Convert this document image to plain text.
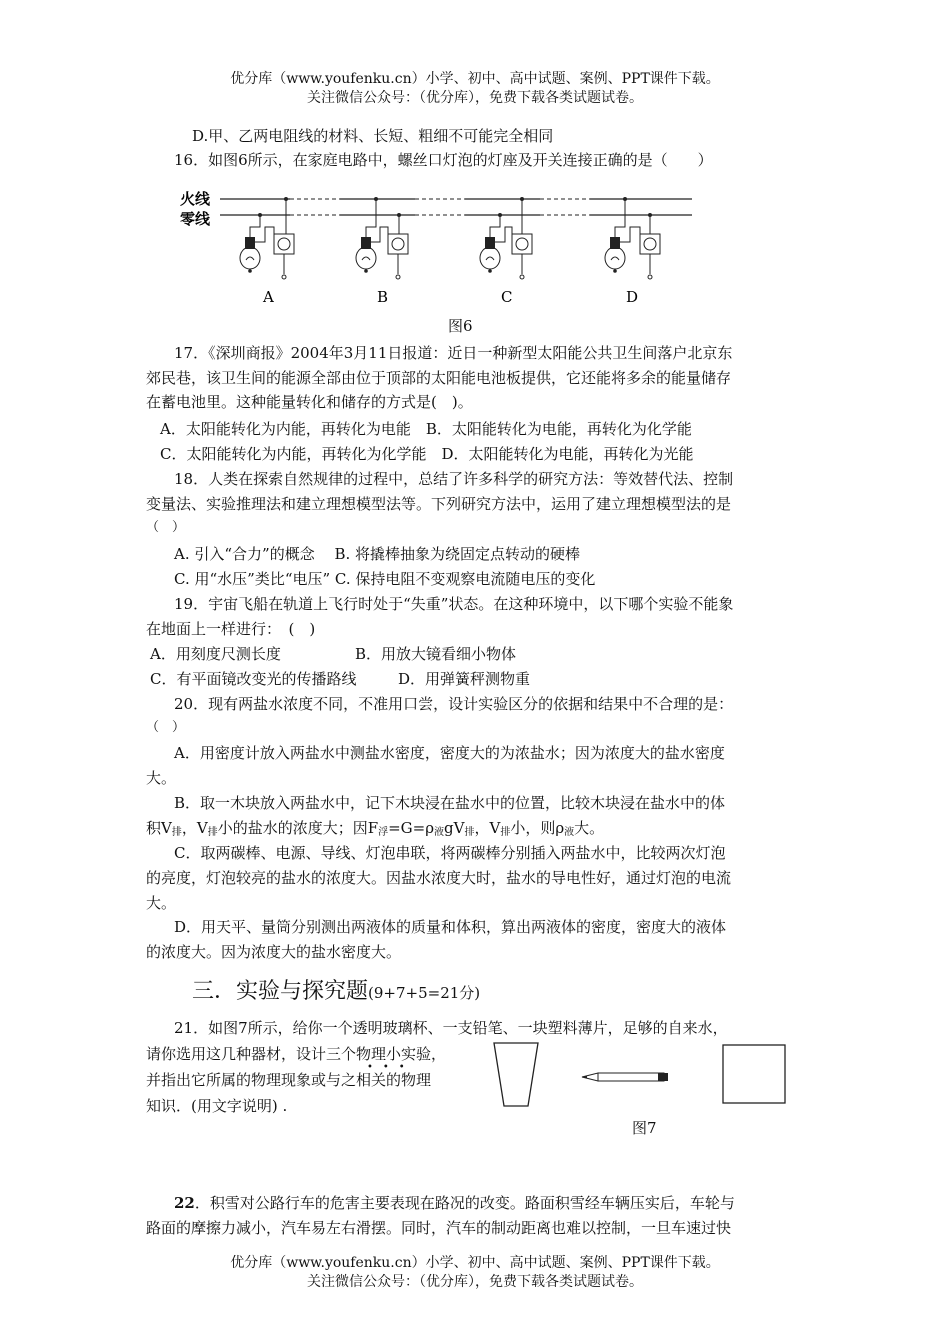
优分库（www.youfenku.cn）小学、初中、高中试题、案例、PPT课件下载。
关注微信公众号：（优分库），免费下载各类试题试卷。
D.甲、乙两电阻线的材料、长短、粗细不可能完全相同
16．如图6所示，在家庭电路中，螺丝口灯泡的灯座及开关连接正确的是（　　）
火线
零线
A	B	C	D
图6
17．《深圳商报》2004年3月11日报道：近日一种新型太阳能公共卫生间落户北京东
郊民巷，该卫生间的能源全部由位于顶部的太阳能电池板提供，它还能将多余的能量储存
在蓄电池里。这种能量转化和储存的方式是(　)。
A．太阳能转化为内能，再转化为电能　B．太阳能转化为电能，再转化为化学能
C．太阳能转化为内能，再转化为化学能　D．太阳能转化为电能，再转化为光能
18．人类在探索自然规律的过程中，总结了许多科学的研究方法：等效替代法、控制
变量法、实验推理法和建立理想模型法等。下列研究方法中，运用了建立理想模型法的是
（　）
A. 引入“合力”的概念　 B. 将撬棒抽象为绕固定点转动的硬棒
C. 用“水压”类比“电压” C. 保持电阻不变观察电流随电压的变化
19．宇宙飞船在轨道上飞行时处于“失重”状态。在这种环境中，以下哪个实验不能象
在地面上一样进行：　(　)
A．用刻度尺测长度	B．用放大镜看细小物体
C．有平面镜改变光的传播路线	D．用弹簧秤测物重
20．现有两盐水浓度不同，不准用口尝，设计实验区分的依据和结果中不合理的是：
（　）
A．用密度计放入两盐水中测盐水密度，密度大的为浓盐水；因为浓度大的盐水密度
大。
B．取一木块放入两盐水中，记下木块浸在盐水中的位置，比较木块浸在盐水中的体
积$V_排$，$V_排$小的盐水的浓度大；因$F_浮=G=\rho_液gV_排$，$V_排$小，则$\rho_液$大。
C．取两碳棒、电源、导线、灯泡串联，将两碳棒分别插入两盐水中，比较两次灯泡
的亮度，灯泡较亮的盐水的浓度大。因盐水浓度大时，盐水的导电性好，通过灯泡的电流
大。
D．用天平、量筒分别测出两液体的质量和体积，算出两液体的密度，密度大的液体
的浓度大。因为浓度大的盐水密度大。
三．实验与探究题(9+7+5=21分)
21．如图7所示，给你一个透明玻璃杯、一支铅笔、一块塑料薄片，足够的自来水，
请你选用这几种器材，设计三个物理小实验，
•••
并指出它所属的物理现象或与之相关的物理
知识．(用文字说明) .
图7
22．积雪对公路行车的危害主要表现在路况的改变。路面积雪经车辆压实后，车轮与
路面的摩擦力减小，汽车易左右滑摆。同时，汽车的制动距离也难以控制，一旦车速过快
优分库（www.youfenku.cn）小学、初中、高中试题、案例、PPT课件下载。
关注微信公众号：（优分库），免费下载各类试题试卷。
